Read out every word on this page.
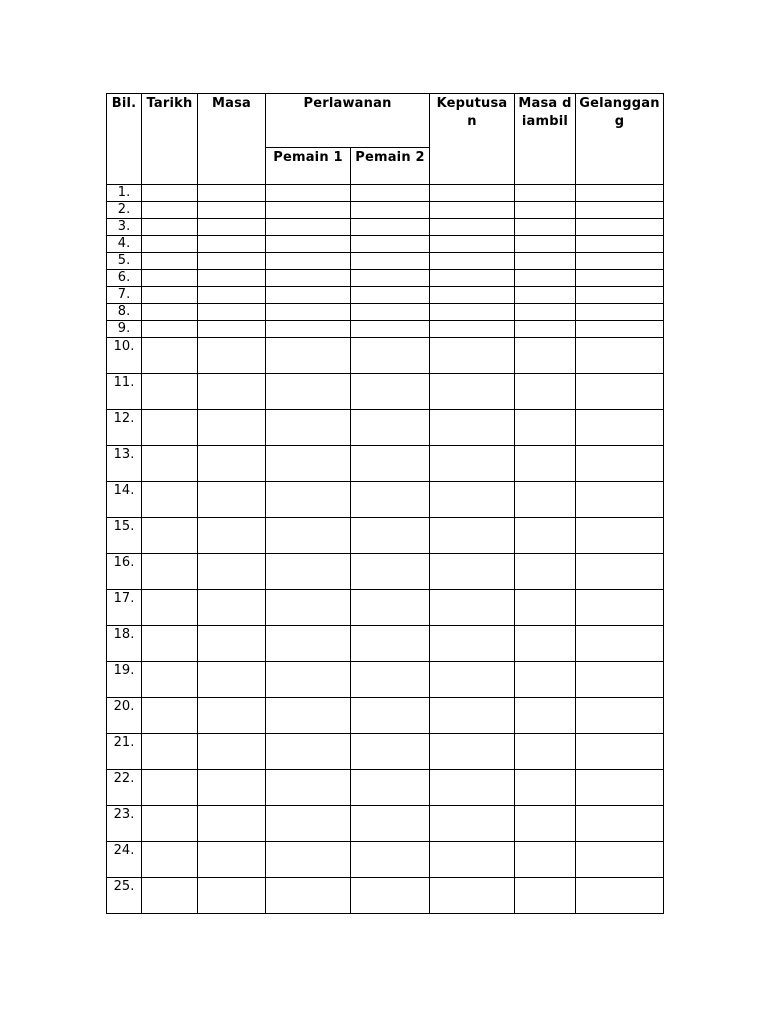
Bil.	Tarikh	Masa	Perlawanan		Keputusan	Masa diambil	Gelanggang
			Pemain 1	Pemain 2			
1.							
2.							
3.							
4.							
5.							
6.							
7.							
8.							
9.							
10.							
11.							
12.							
13.							
14.							
15.							
16.							
17.							
18.							
19.							
20.							
21.							
22.							
23.							
24.							
25.							
